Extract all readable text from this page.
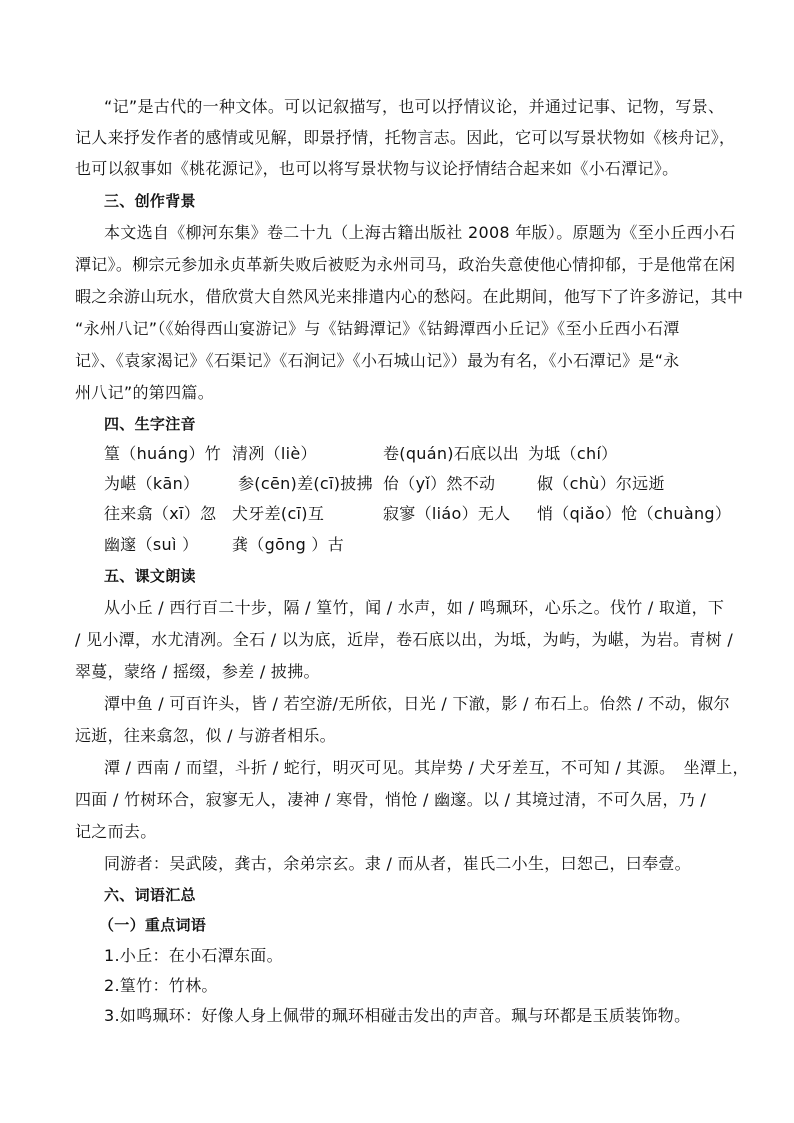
“记”是古代的一种文体。可以记叙描写，也可以抒情议论，并通过记事、记物，写景、
记人来抒发作者的感情或见解，即景抒情，托物言志。因此，它可以写景状物如《核舟记》，
也可以叙事如《桃花源记》，也可以将写景状物与议论抒情结合起来如《小石潭记》。
三、创作背景
本文选自《柳河东集》卷二十九（上海古籍出版社 2008 年版）。原题为《至小丘西小石
潭记》。柳宗元参加永贞革新失败后被贬为永州司马，政治失意使他心情抑郁，于是他常在闲
暇之余游山玩水，借欣赏大自然风光来排遣内心的愁闷。在此期间，他写下了许多游记，其中
“永州八记”（《始得西山宴游记》与《钴鉧潭记》《钴鉧潭西小丘记》《至小丘西小石潭
记》、《袁家渴记》《石渠记》《石涧记》《小石城山记》）最为有名，《小石潭记》是“永
州八记”的第四篇。
四、生字注音
篁（huáng）竹 清冽（liè）	卷(quán)石底以出 为坻（chí）
为嵁（kān） 参(cēn)差(cī)披拂 佁（yǐ）然不动	俶（chù）尔远逝
往来翕（xī）忽 犬牙差(cī)互	寂寥（liáo）无人 悄（qiǎo）怆（chuàng）
幽邃（suì ） 龚（gōng ）古
五、课文朗读
从小丘 / 西行百二十步，隔 / 篁竹，闻 / 水声，如 / 鸣珮环，心乐之。伐竹 / 取道，下
/ 见小潭，水尤清冽。全石 / 以为底，近岸，卷石底以出，为坻，为屿，为嵁，为岩。青树 /
翠蔓，蒙络 / 摇缀，参差 / 披拂。
潭中鱼 / 可百许头，皆 / 若空游/无所依，日光 / 下澈，影 / 布石上。佁然 / 不动，俶尔
远逝，往来翕忽，似 / 与游者相乐。
潭 / 西南 / 而望，斗折 / 蛇行，明灭可见。其岸势 / 犬牙差互，不可知 / 其源。　坐潭上，
四面 / 竹树环合，寂寥无人，凄神 / 寒骨，悄怆 / 幽邃。以 / 其境过清，不可久居，乃 /
记之而去。
同游者：吴武陵，龚古，余弟宗玄。隶 / 而从者，崔氏二小生，曰恕己，曰奉壹。
六、词语汇总
（一）重点词语
1.小丘：在小石潭东面。
2.篁竹：竹林。
3.如鸣珮环：好像人身上佩带的珮环相碰击发出的声音。珮与环都是玉质装饰物。
